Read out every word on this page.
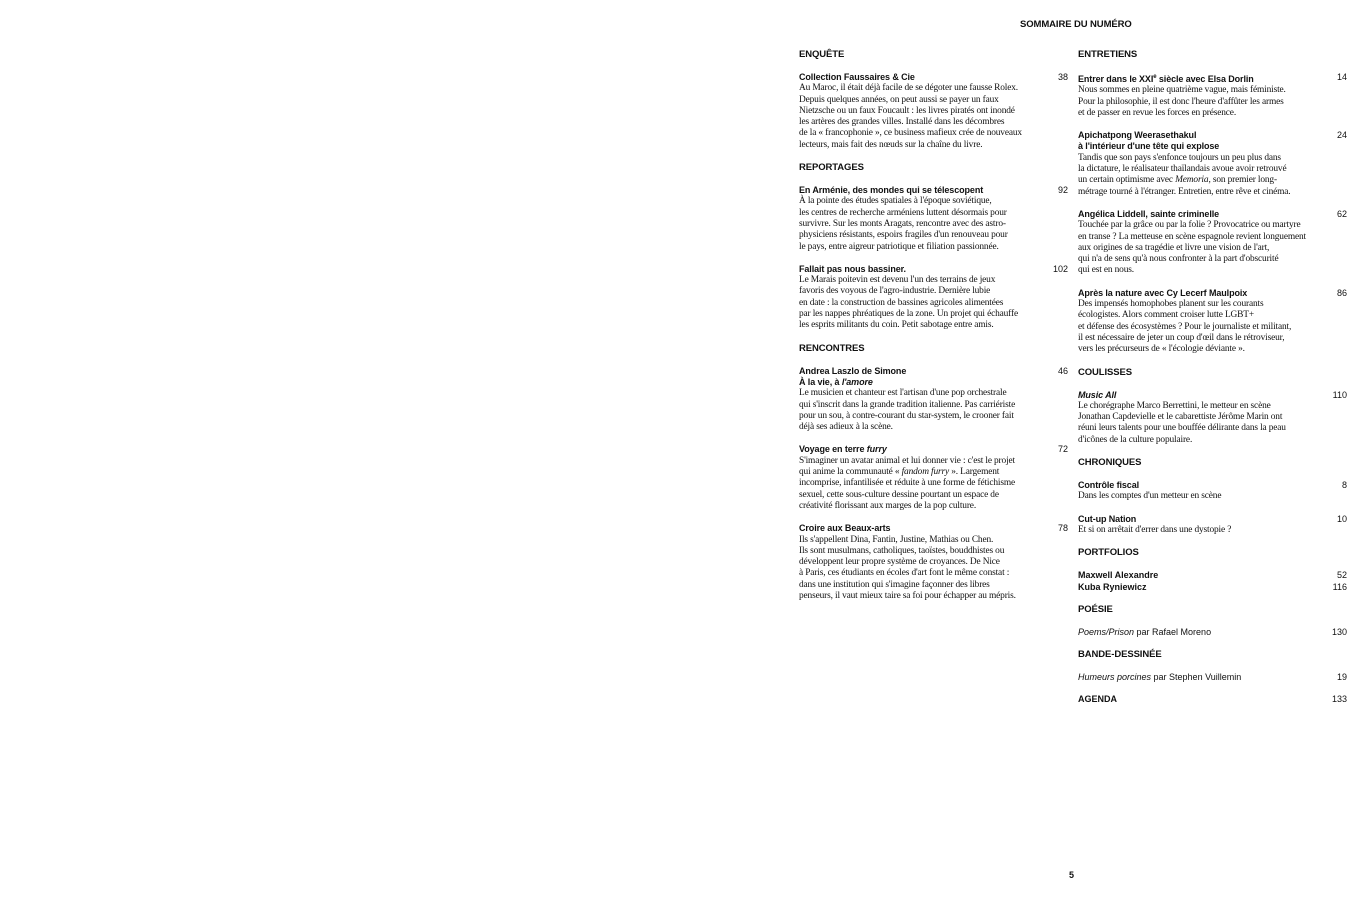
SOMMAIRE DU NUMÉRO
ENQUÊTE
Collection Faussaires & Cie	38

Au Maroc, il était déjà facile de se dégoter une fausse Rolex.

Depuis quelques années, on peut aussi se payer un faux

Nietzsche ou un faux Foucault : les livres piratés ont inondé

les artères des grandes villes. Installé dans les décombres

de la « francophonie », ce business mafieux crée de nouveaux

lecteurs, mais fait des nœuds sur la chaîne du livre.

REPORTAGES
En Arménie, des mondes qui se télescopent	92

À la pointe des études spatiales à l'époque soviétique,

les centres de recherche arméniens luttent désormais pour

survivre. Sur les monts Aragats, rencontre avec des astro-

physiciens résistants, espoirs fragiles d'un renouveau pour

le pays, entre aigreur patriotique et filiation passionnée.

Fallait pas nous bassiner.	102

Le Marais poitevin est devenu l'un des terrains de jeux

favoris des voyous de l'agro-industrie. Dernière lubie

en date : la construction de bassines agricoles alimentées

par les nappes phréatiques de la zone. Un projet qui échauffe

les esprits militants du coin. Petit sabotage entre amis.

RENCONTRES
Andrea Laszlo de Simone	46
À la vie, à l'amore

Le musicien et chanteur est l'artisan d'une pop orchestrale

qui s'inscrit dans la grande tradition italienne. Pas carriériste

pour un sou, à contre-courant du star-system, le crooner fait

déjà ses adieux à la scène.

Voyage en terre furry	72

S'imaginer un avatar animal et lui donner vie : c'est le projet

qui anime la communauté « fandom furry ». Largement

incomprise, infantilisée et réduite à une forme de fétichisme

sexuel, cette sous-culture dessine pourtant un espace de

créativité florissant aux marges de la pop culture.

Croire aux Beaux-arts	78

Ils s'appellent Dina, Fantin, Justine, Mathias ou Chen.

Ils sont musulmans, catholiques, taoïstes, bouddhistes ou

développent leur propre système de croyances. De Nice

à Paris, ces étudiants en écoles d'art font le même constat :

dans une institution qui s'imagine façonner des libres

penseurs, il vaut mieux taire sa foi pour échapper au mépris.

ENTRETIENS
Entrer dans le XXIe siècle avec Elsa Dorlin	14

Nous sommes en pleine quatrième vague, mais féministe.

Pour la philosophie, il est donc l'heure d'affûter les armes

et de passer en revue les forces en présence.

Apichatpong Weerasethakul	24
à l'intérieur d'une tête qui explose

Tandis que son pays s'enfonce toujours un peu plus dans

la dictature, le réalisateur thaïlandais avoue avoir retrouvé

un certain optimisme avec Memoria, son premier long-

métrage tourné à l'étranger. Entretien, entre rêve et cinéma.

Angélica Liddell, sainte criminelle	62

Touchée par la grâce ou par la folie ? Provocatrice ou martyre

en transe ? La metteuse en scène espagnole revient longuement

aux origines de sa tragédie et livre une vision de l'art,

qui n'a de sens qu'à nous confronter à la part d'obscurité

qui est en nous.

Après la nature avec Cy Lecerf Maulpoix	86

Des impensés homophobes planent sur les courants

écologistes. Alors comment croiser lutte LGBT+

et défense des écosystèmes ? Pour le journaliste et militant,

il est nécessaire de jeter un coup d'œil dans le rétroviseur,

vers les précurseurs de « l'écologie déviante ».

COULISSES
Music All	110

Le chorégraphe Marco Berrettini, le metteur en scène

Jonathan Capdevielle et le cabarettiste Jérôme Marin ont

réuni leurs talents pour une bouffée délirante dans la peau

d'icônes de la culture populaire.

CHRONIQUES
Contrôle fiscal	8

Dans les comptes d'un metteur en scène

Cut-up Nation	10

Et si on arrêtait d'errer dans une dystopie ?

PORTFOLIOS
Maxwell Alexandre	52
Kuba Ryniewicz	116
POÉSIE
Poems/Prison par Rafael Moreno	130
BANDE-DESSINÉE
Humeurs porcines par Stephen Vuillemin	19
AGENDA	133
5
